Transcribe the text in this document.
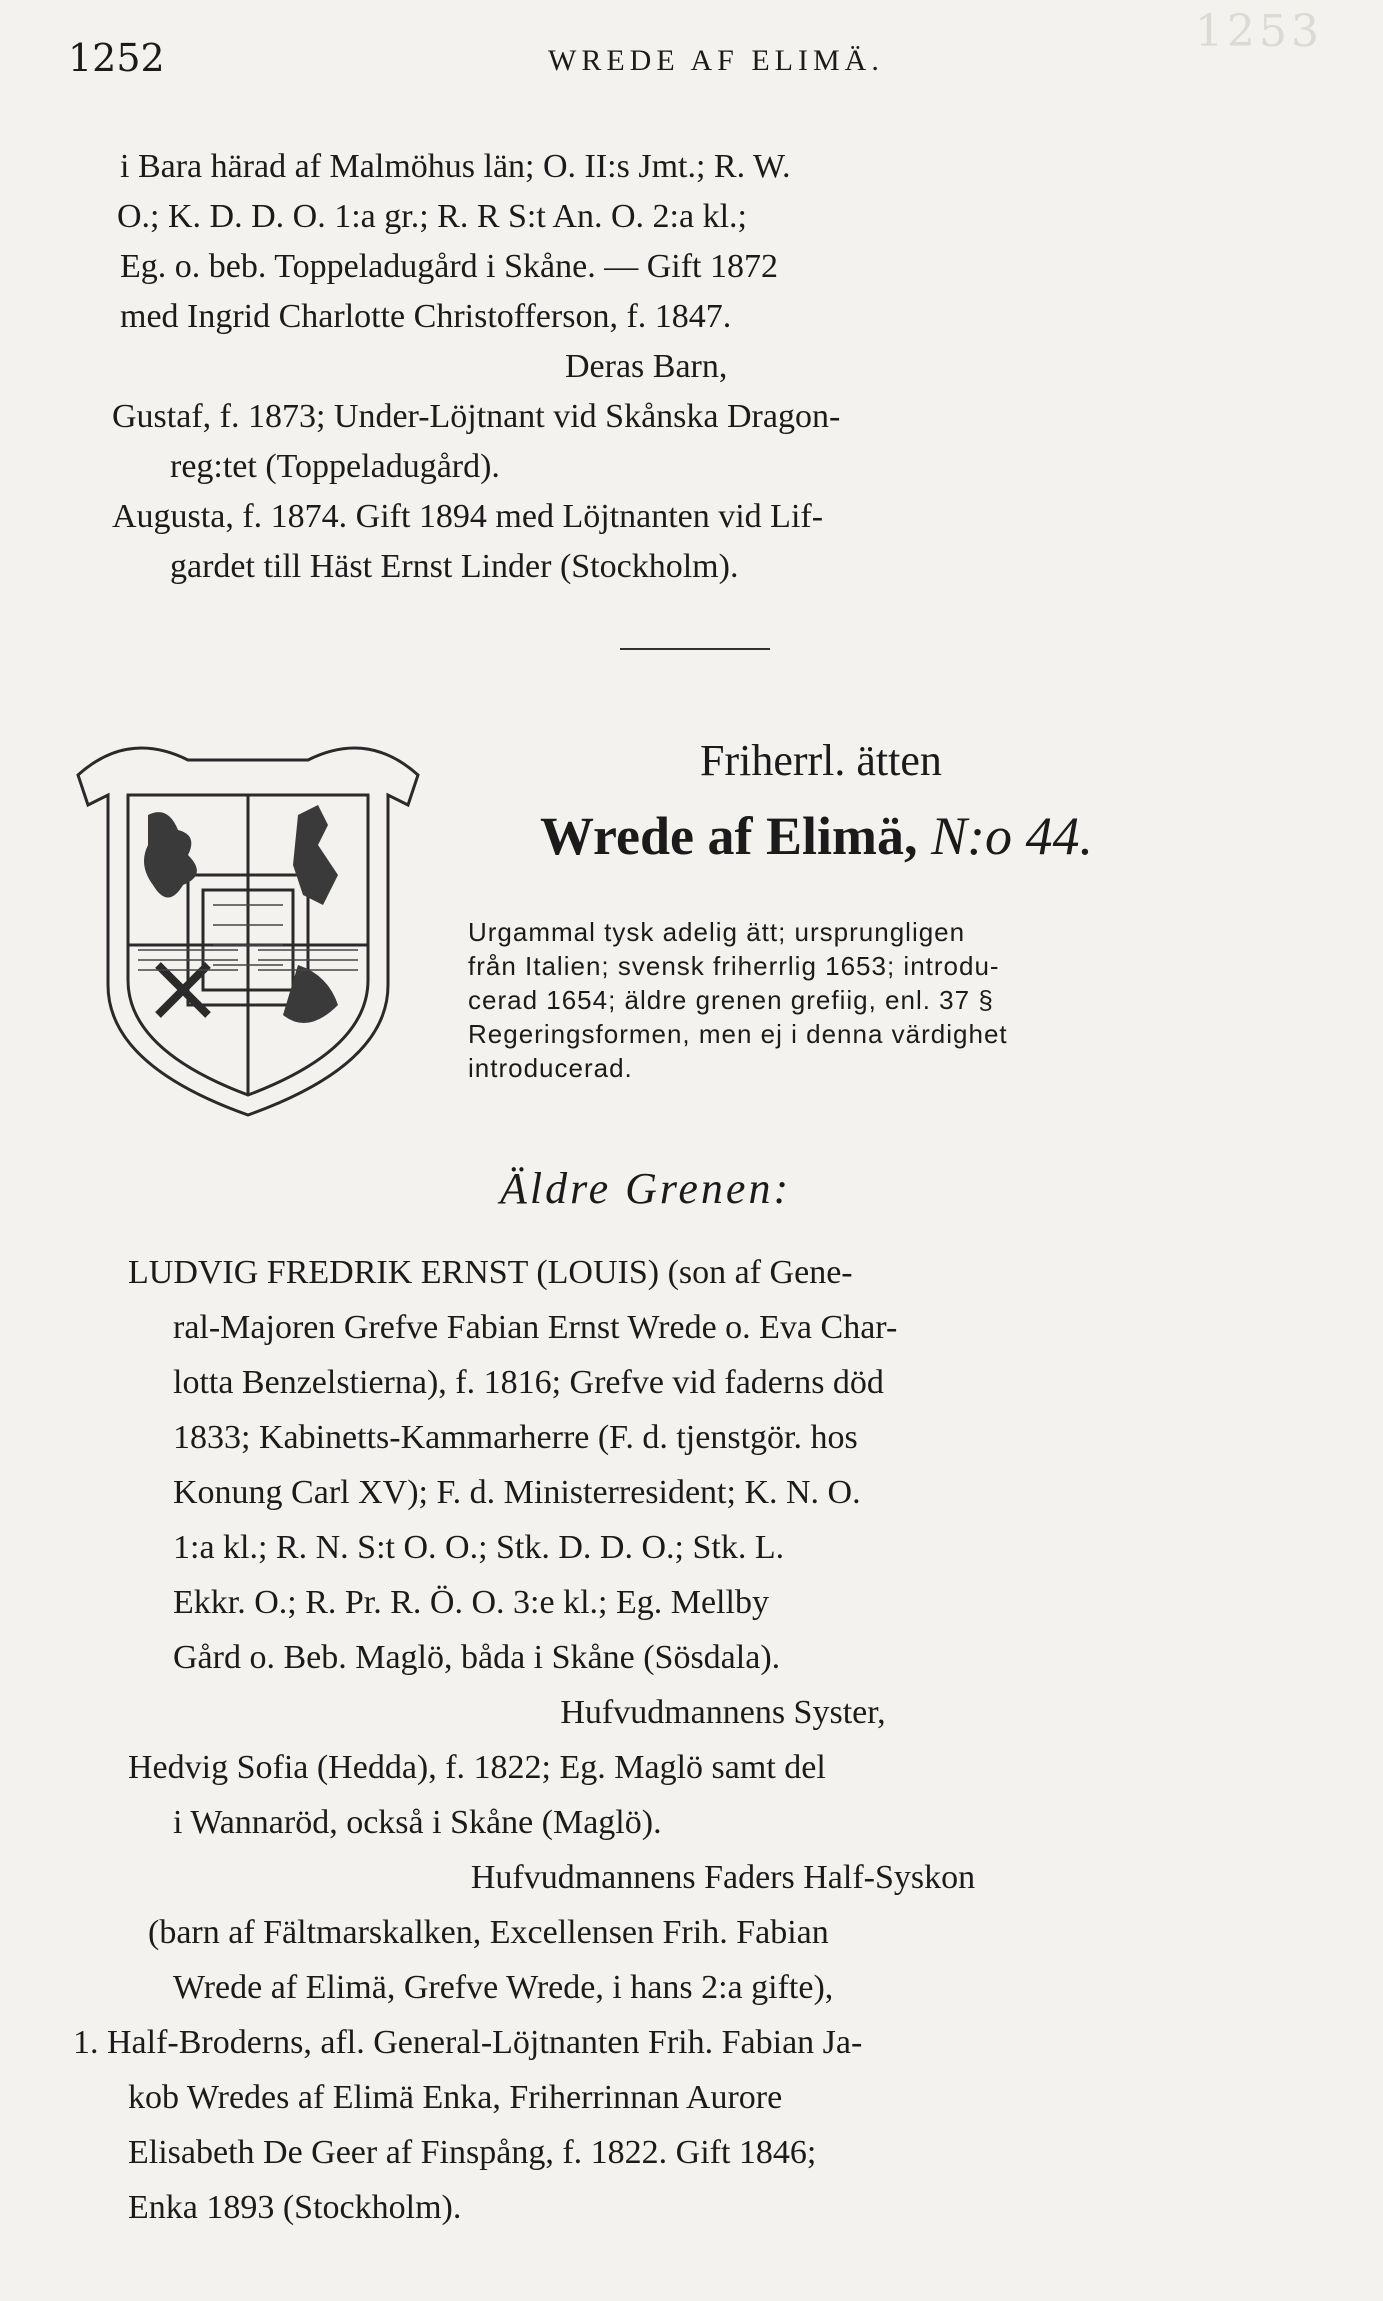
1253
1252	WREDE AF ELIMÄ.
i Bara härad af Malmöhus län; O. II:s Jmt.; R. W.
O.; K. D. D. O. 1:a gr.; R. R S:t An. O. 2:a kl.;
Eg. o. beb. Toppeladugård i Skåne. — Gift 1872
med Ingrid Charlotte Christofferson, f. 1847.
Deras Barn,
Gustaf, f. 1873; Under-Löjtnant vid Skånska Dragon-
reg:tet (Toppeladugård).
Augusta, f. 1874. Gift 1894 med Löjtnanten vid Lif-
gardet till Häst Ernst Linder (Stockholm).
Friherrl. ätten
Wrede af Elimä, N:o 44.
Urgammal tysk adelig ätt; ursprungligen
från Italien; svensk friherrlig 1653; introdu-
cerad 1654; äldre grenen grefiig, enl. 37 §
Regeringsformen, men ej i denna värdighet
introducerad.
Äldre Grenen:
LUDVIG FREDRIK ERNST (LOUIS) (son af Gene-
ral-Majoren Grefve Fabian Ernst Wrede o. Eva Char-
lotta Benzelstierna), f. 1816; Grefve vid faderns död
1833; Kabinetts-Kammarherre (F. d. tjenstgör. hos
Konung Carl XV); F. d. Ministerresident; K. N. O.
1:a kl.; R. N. S:t O. O.; Stk. D. D. O.; Stk. L.
Ekkr. O.; R. Pr. R. Ö. O. 3:e kl.; Eg. Mellby
Gård o. Beb. Maglö, båda i Skåne (Sösdala).
Hufvudmannens Syster,
Hedvig Sofia (Hedda), f. 1822; Eg. Maglö samt del
i Wannaröd, också i Skåne (Maglö).
Hufvudmannens Faders Half-Syskon
(barn af Fältmarskalken, Excellensen Frih. Fabian
Wrede af Elimä, Grefve Wrede, i hans 2:a gifte),
1. Half-Broderns, afl. General-Löjtnanten Frih. Fabian Ja-
kob Wredes af Elimä Enka, Friherrinnan Aurore
Elisabeth De Geer af Finspång, f. 1822. Gift 1846;
Enka 1893 (Stockholm).
